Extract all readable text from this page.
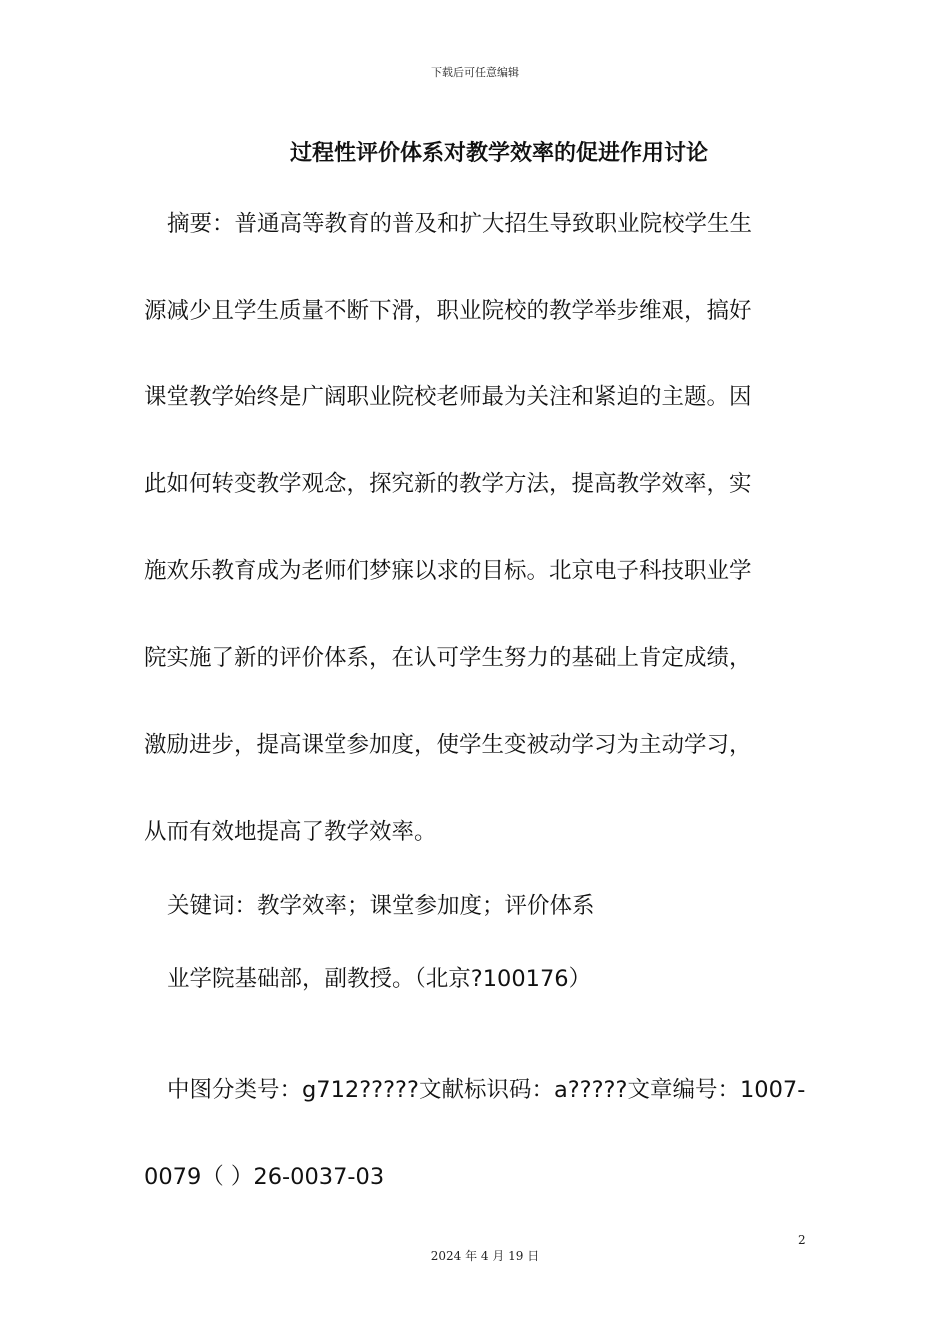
下载后可任意编辑
过程性评价体系对教学效率的促进作用讨论
摘要：普通高等教育的普及和扩大招生导致职业院校学生生
源减少且学生质量不断下滑，职业院校的教学举步维艰，搞好
课堂教学始终是广阔职业院校老师最为关注和紧迫的主题。因
此如何转变教学观念，探究新的教学方法，提高教学效率，实
施欢乐教育成为老师们梦寐以求的目标。北京电子科技职业学
院实施了新的评价体系，在认可学生努力的基础上肯定成绩，
激励进步，提高课堂参加度，使学生变被动学习为主动学习，
从而有效地提高了教学效率。
关键词：教学效率；课堂参加度；评价体系
业学院基础部，副教授。（北京?100176）
中图分类号：g712?????文献标识码：a?????文章编号：1007-
0079（ ）26-0037-03
2
2024 年 4 月 19 日
